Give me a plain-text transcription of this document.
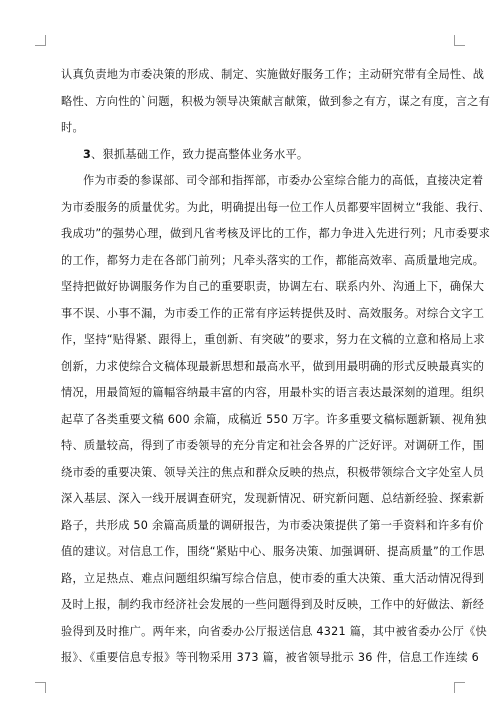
认真负责地为市委决策的形成、制定、实施做好服务工作；主动研究带有全局性、战
略性、方向性的`问题，积极为领导决策献言献策，做到参之有方，谋之有度，言之有
时。
3、狠抓基础工作，致力提高整体业务水平。
作为市委的参谋部、司令部和指挥部，市委办公室综合能力的高低，直接决定着
为市委服务的质量优劣。为此，明确提出每一位工作人员都要牢固树立“我能、我行、
我成功”的强势心理，做到凡省考核及评比的工作，都力争进入先进行列；凡市委要求
的工作，都努力走在各部门前列；凡牵头落实的工作，都能高效率、高质量地完成。
坚持把做好协调服务作为自己的重要职责，协调左右、联系内外、沟通上下，确保大
事不误、小事不漏，为市委工作的正常有序运转提供及时、高效服务。对综合文字工
作，坚持“贴得紧、跟得上，重创新、有突破”的要求，努力在文稿的立意和格局上求
创新，力求使综合文稿体现最新思想和最高水平，做到用最明确的形式反映最真实的
情况，用最简短的篇幅容纳最丰富的内容，用最朴实的语言表达最深刻的道理。组织
起草了各类重要文稿 600 余篇，成稿近 550 万字。许多重要文稿标题新颖、视角独
特、质量较高，得到了市委领导的充分肯定和社会各界的广泛好评。对调研工作，围
绕市委的重要决策、领导关注的焦点和群众反映的热点，积极带领综合文字处室人员
深入基层、深入一线开展调查研究，发现新情况、研究新问题、总结新经验、探索新
路子，共形成 50 余篇高质量的调研报告，为市委决策提供了第一手资料和许多有价
值的建议。对信息工作，围绕“紧贴中心、服务决策、加强调研、提高质量”的工作思
路，立足热点、难点问题组织编写综合信息，使市委的重大决策、重大活动情况得到
及时上报，制约我市经济社会发展的一些问题得到及时反映，工作中的好做法、新经
验得到及时推广。两年来，向省委办公厅报送信息 4321 篇，其中被省委办公厅《快
报》、《重要信息专报》等刊物采用 373 篇，被省领导批示 36 件，信息工作连续 6
